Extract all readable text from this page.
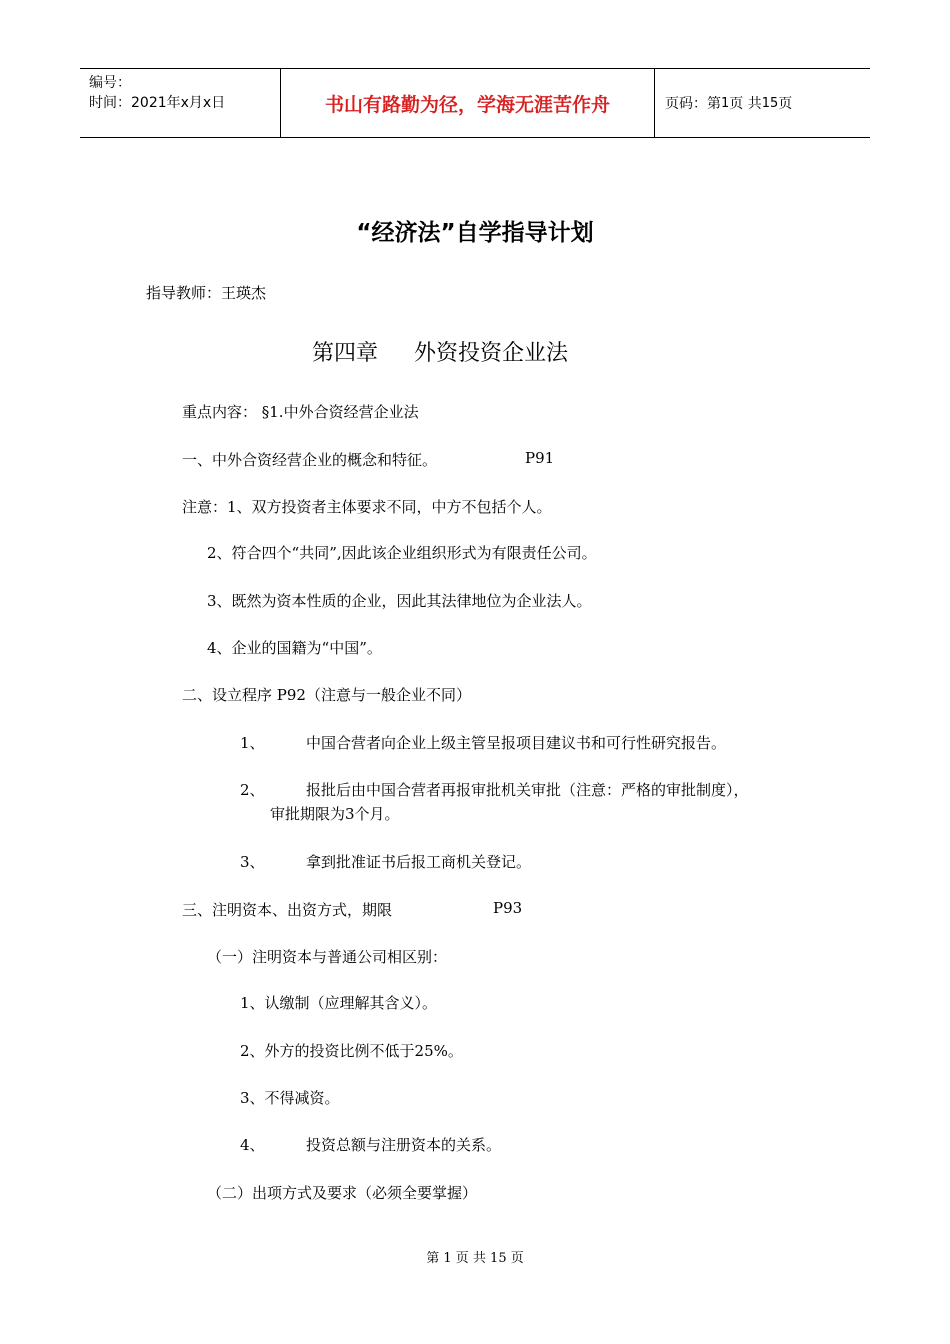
编号：
时间：2021年x月x日	书山有路勤为径，学海无涯苦作舟	页码：第 1 页 共 15 页
“经济法”自学指导计划
指导教师：王瑛杰
第四章 外资投资企业法
重点内容： §1.中外合资经营企业法
一、中外合资经营企业的概念和特征。	P91
注意：1、双方投资者主体要求不同，中方不包括个人。
2、符合四个“共同”,因此该企业组织形式为有限责任公司。
3、既然为资本性质的企业，因此其法律地位为企业法人。
4、企业的国籍为“中国”。
二、设立程序 P92（注意与一般企业不同）
1、	中国合营者向企业上级主管呈报项目建议书和可行性研究报告。
2、	报批后由中国合营者再报审批机关审批（注意：严格的审批制度），
审批期限为3个月。
3、	拿到批准证书后报工商机关登记。
三、注明资本、出资方式，期限	P93
（一）注明资本与普通公司相区别：
1、认缴制（应理解其含义）。
2、外方的投资比例不低于25%。
3、不得减资。
4、	投资总额与注册资本的关系。
（二）出项方式及要求（必须全要掌握）
第 1 页 共 15 页
